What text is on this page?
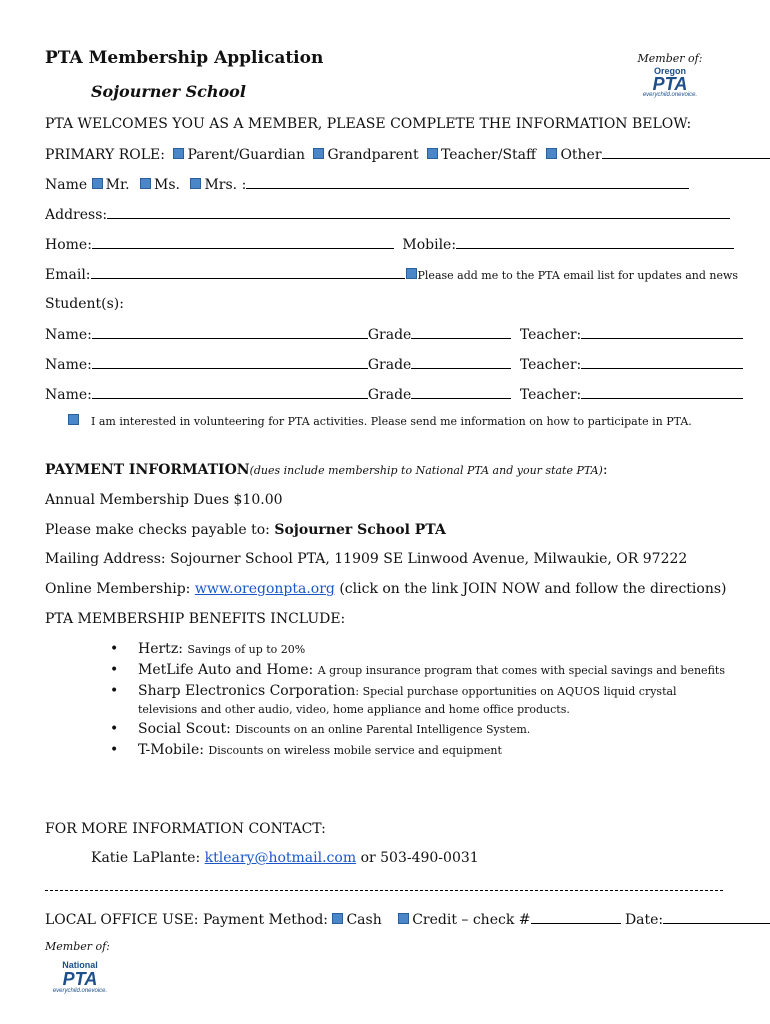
PTA Membership Application
Sojourner School
Member of:
Oregon
PTA
everychild.onevoice.
PTA WELCOMES YOU AS A MEMBER, PLEASE COMPLETE THE INFORMATION BELOW:
PRIMARY ROLE: Parent/Guardian Grandparent Teacher/Staff Other
Name Mr. Ms. Mrs. :
Address:
Home:	Mobile:
Email:	Please add me to the PTA email list for updates and news
Student(s):
Name:	Grade	Teacher:
Name:	Grade	Teacher:
Name:	Grade	Teacher:
I am interested in volunteering for PTA activities. Please send me information on how to participate in PTA.
PAYMENT INFORMATION(dues include membership to National PTA and your state PTA):
Annual Membership Dues $10.00
Please make checks payable to: Sojourner School PTA
Mailing Address: Sojourner School PTA, 11909 SE Linwood Avenue, Milwaukie, OR 97222
Online Membership: www.oregonpta.org (click on the link JOIN NOW and follow the directions)
PTA MEMBERSHIP BENEFITS INCLUDE:
• Hertz: Savings of up to 20%
• MetLife Auto and Home: A group insurance program that comes with special savings and benefits
• Sharp Electronics Corporation: Special purchase opportunities on AQUOS liquid crystal televisions and other audio, video, home appliance and home office products.
• Social Scout: Discounts on an online Parental Intelligence System.
• T-Mobile: Discounts on wireless mobile service and equipment
FOR MORE INFORMATION CONTACT:
Katie LaPlante: ktleary@hotmail.com or 503-490-0031
LOCAL OFFICE USE: Payment Method: Cash Credit – check #	Date:
Member of:
National
PTA
everychild.onevoice.
